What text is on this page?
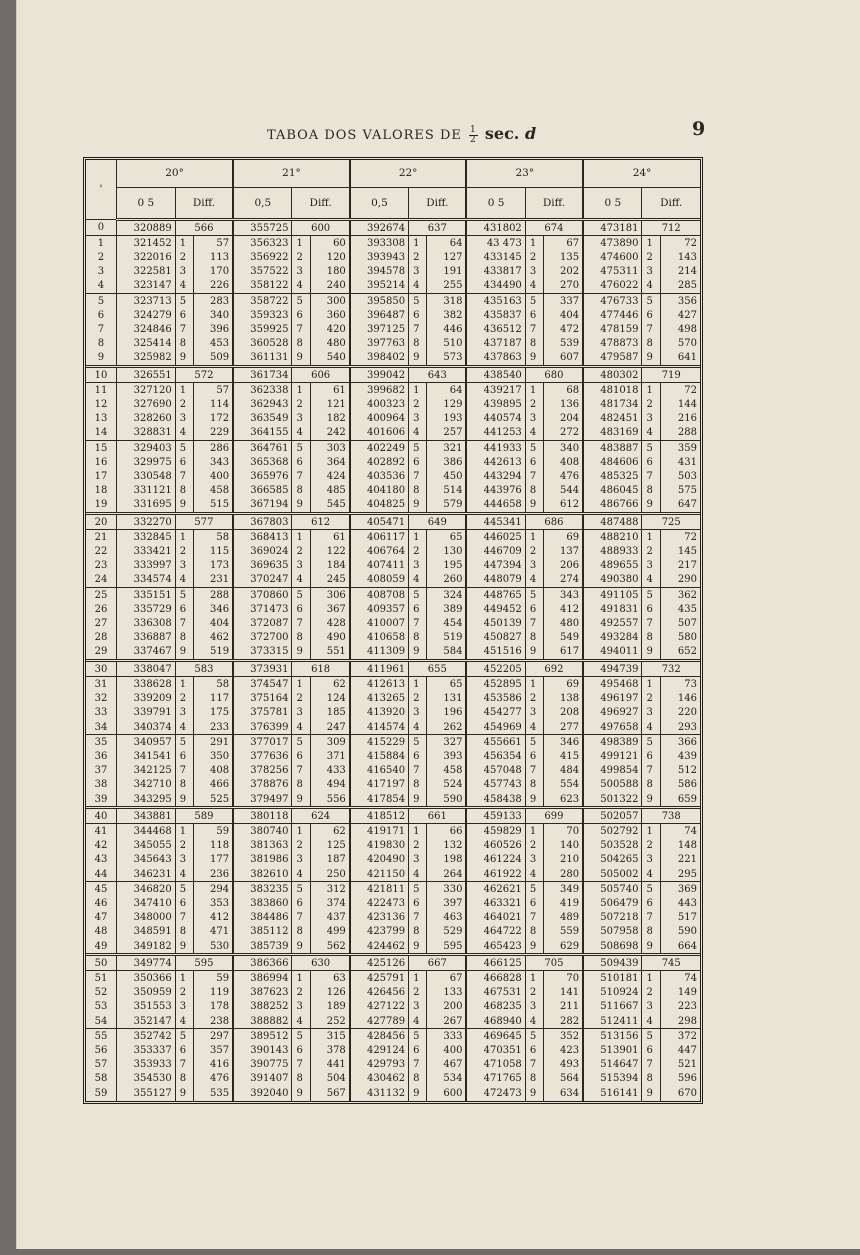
TABOA DOS VALORES DE $\frac{1}{2} \sec$. d	9
'	20°			21°			22°			23°			24°		
	0 5	Diff.		0,5	Diff.		0,5	Diff.		0 5	Diff.		0 5	Diff.	
0	320889	566		355725	600		392674	637		431802	674		473181	712	
1	321452	1	57	356323	1	60	393308	1	64	43 473	1	67	473890	1	72
2	322016	2	113	356922	2	120	393943	2	127	433145	2	135	474600	2	143
3	322581	3	170	357522	3	180	394578	3	191	433817	3	202	475311	3	214
4	323147	4	226	358122	4	240	395214	4	255	434490	4	270	476022	4	285
5	323713	5	283	358722	5	300	395850	5	318	435163	5	337	476733	5	356
6	324279	6	340	359323	6	360	396487	6	382	435837	6	404	477446	6	427
7	324846	7	396	359925	7	420	397125	7	446	436512	7	472	478159	7	498
8	325414	8	453	360528	8	480	397763	8	510	437187	8	539	478873	8	570
9	325982	9	509	361131	9	540	398402	9	573	437863	9	607	479587	9	641
10	326551	572		361734	606		399042	643		438540	680		480302	719	
11	327120	1	57	362338	1	61	399682	1	64	439217	1	68	481018	1	72
12	327690	2	114	362943	2	121	400323	2	129	439895	2	136	481734	2	144
13	328260	3	172	363549	3	182	400964	3	193	440574	3	204	482451	3	216
14	328831	4	229	364155	4	242	401606	4	257	441253	4	272	483169	4	288
15	329403	5	286	364761	5	303	402249	5	321	441933	5	340	483887	5	359
16	329975	6	343	365368	6	364	402892	6	386	442613	6	408	484606	6	431
17	330548	7	400	365976	7	424	403536	7	450	443294	7	476	485325	7	503
18	331121	8	458	366585	8	485	404180	8	514	443976	8	544	486045	8	575
19	331695	9	515	367194	9	545	404825	9	579	444658	9	612	486766	9	647
20	332270	577		367803	612		405471	649		445341	686		487488	725	
21	332845	1	58	368413	1	61	406117	1	65	446025	1	69	488210	1	72
22	333421	2	115	369024	2	122	406764	2	130	446709	2	137	488933	2	145
23	333997	3	173	369635	3	184	407411	3	195	447394	3	206	489655	3	217
24	334574	4	231	370247	4	245	408059	4	260	448079	4	274	490380	4	290
25	335151	5	288	370860	5	306	408708	5	324	448765	5	343	491105	5	362
26	335729	6	346	371473	6	367	409357	6	389	449452	6	412	491831	6	435
27	336308	7	404	372087	7	428	410007	7	454	450139	7	480	492557	7	507
28	336887	8	462	372700	8	490	410658	8	519	450827	8	549	493284	8	580
29	337467	9	519	373315	9	551	411309	9	584	451516	9	617	494011	9	652
30	338047	583		373931	618		411961	655		452205	692		494739	732	
31	338628	1	58	374547	1	62	412613	1	65	452895	1	69	495468	1	73
32	339209	2	117	375164	2	124	413265	2	131	453586	2	138	496197	2	146
33	339791	3	175	375781	3	185	413920	3	196	454277	3	208	496927	3	220
34	340374	4	233	376399	4	247	414574	4	262	454969	4	277	497658	4	293
35	340957	5	291	377017	5	309	415229	5	327	455661	5	346	498389	5	366
36	341541	6	350	377636	6	371	415884	6	393	456354	6	415	499121	6	439
37	342125	7	408	378256	7	433	416540	7	458	457048	7	484	499854	7	512
38	342710	8	466	378876	8	494	417197	8	524	457743	8	554	500588	8	586
39	343295	9	525	379497	9	556	417854	9	590	458438	9	623	501322	9	659
40	343881	589		380118	624		418512	661		459133	699		502057	738	
41	344468	1	59	380740	1	62	419171	1	66	459829	1	70	502792	1	74
42	345055	2	118	381363	2	125	419830	2	132	460526	2	140	503528	2	148
43	345643	3	177	381986	3	187	420490	3	198	461224	3	210	504265	3	221
44	346231	4	236	382610	4	250	421150	4	264	461922	4	280	505002	4	295
45	346820	5	294	383235	5	312	421811	5	330	462621	5	349	505740	5	369
46	347410	6	353	383860	6	374	422473	6	397	463321	6	419	506479	6	443
47	348000	7	412	384486	7	437	423136	7	463	464021	7	489	507218	7	517
48	348591	8	471	385112	8	499	423799	8	529	464722	8	559	507958	8	590
49	349182	9	530	385739	9	562	424462	9	595	465423	9	629	508698	9	664
50	349774	595		386366	630		425126	667		466125	705		509439	745	
51	350366	1	59	386994	1	63	425791	1	67	466828	1	70	510181	1	74
52	350959	2	119	387623	2	126	426456	2	133	467531	2	141	510924	2	149
53	351553	3	178	388252	3	189	427122	3	200	468235	3	211	511667	3	223
54	352147	4	238	388882	4	252	427789	4	267	468940	4	282	512411	4	298
55	352742	5	297	389512	5	315	428456	5	333	469645	5	352	513156	5	372
56	353337	6	357	390143	6	378	429124	6	400	470351	6	423	513901	6	447
57	353933	7	416	390775	7	441	429793	7	467	471058	7	493	514647	7	521
58	354530	8	476	391407	8	504	430462	8	534	471765	8	564	515394	8	596
59	355127	9	535	392040	9	567	431132	9	600	472473	9	634	516141	9	670
